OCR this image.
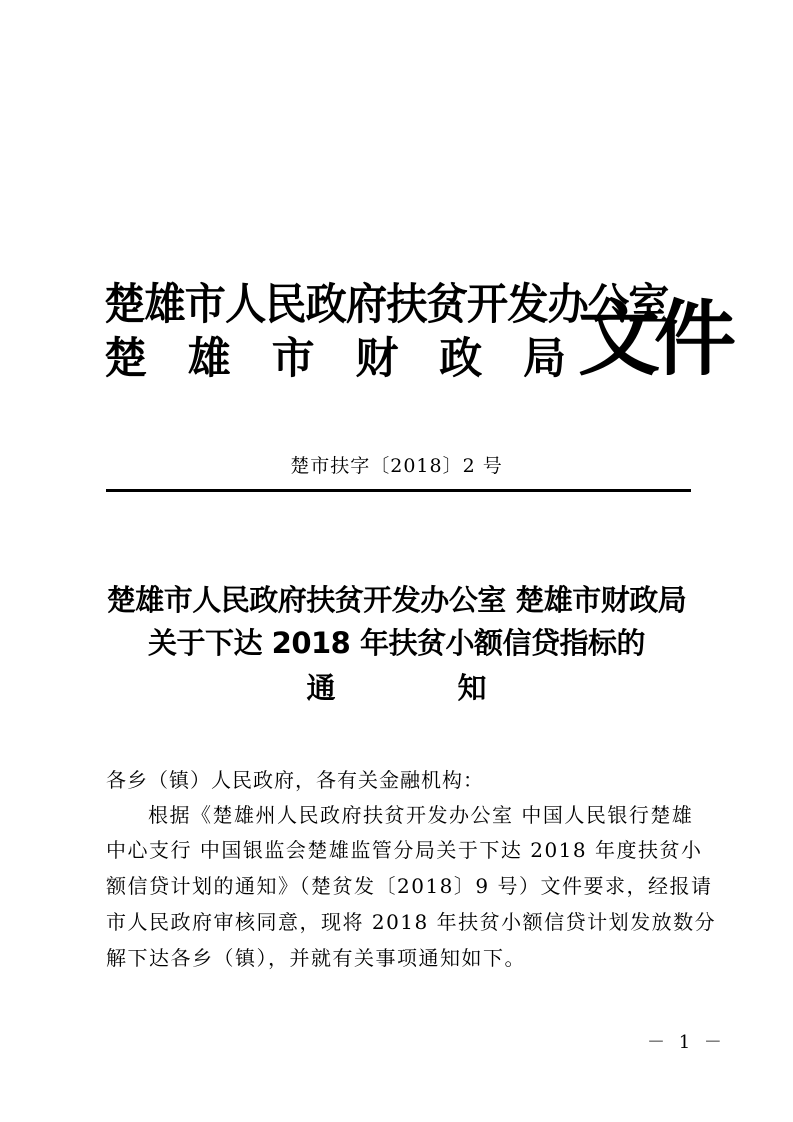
楚雄市人民政府扶贫开发办公室
楚 雄 市 财 政 局 文件
楚市扶字〔2018〕2 号
楚雄市人民政府扶贫开发办公室 楚雄市财政局
关于下达 2018 年扶贫小额信贷指标的
通	知
各乡（镇）人民政府，各有关金融机构：
根据《楚雄州人民政府扶贫开发办公室 中国人民银行楚雄
中心支行 中国银监会楚雄监管分局关于下达 2018 年度扶贫小
额信贷计划的通知》（楚贫发〔2018〕9 号）文件要求，经报请
市人民政府审核同意，现将 2018 年扶贫小额信贷计划发放数分
解下达各乡（镇），并就有关事项通知如下。
－ 1 －
